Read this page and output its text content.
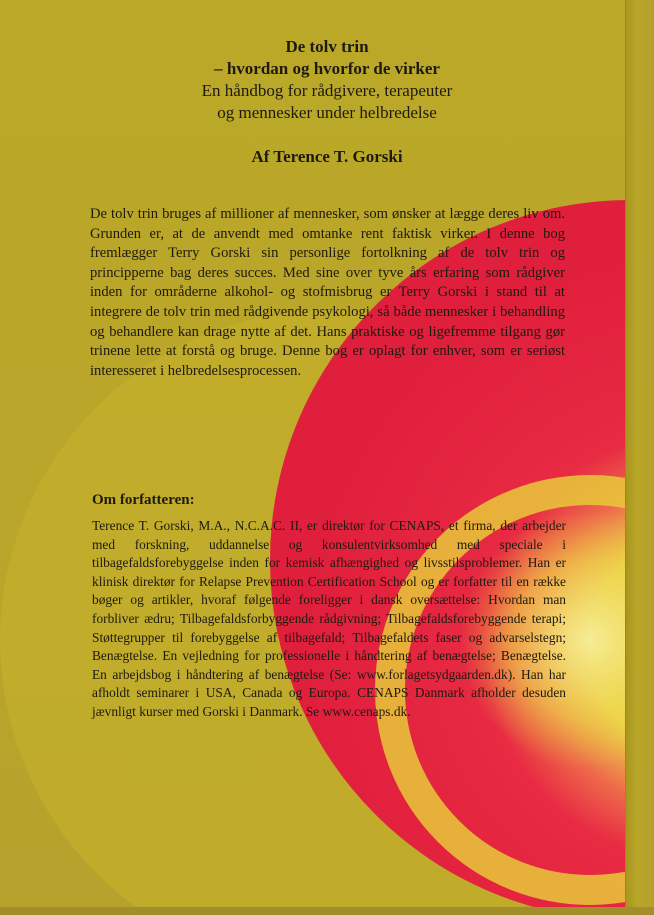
De tolv trin
– hvordan og hvorfor de virker
En håndbog for rådgivere, terapeuter
og mennesker under helbredelse
Af Terence T. Gorski
De tolv trin bruges af millioner af mennesker, som ønsker at lægge deres liv om. Grunden er, at de anvendt med omtanke rent faktisk virker. I denne bog fremlægger Terry Gorski sin personlige fortolkning af de tolv trin og principperne bag deres succes. Med sine over tyve års erfaring som rådgiver inden for områderne alkohol- og stofmisbrug er Terry Gorski i stand til at integrere de tolv trin med rådgivende psykologi, så både mennesker i behandling og behandlere kan drage nytte af det. Hans praktiske og ligefremme tilgang gør trinene lette at forstå og bruge. Denne bog er oplagt for enhver, som er seriøst interesseret i helbredelsesprocessen.
Om forfatteren:
Terence T. Gorski, M.A., N.C.A.C. II, er direktør for CENAPS, et firma, der arbejder med forskning, uddannelse og konsulentvirksomhed med speciale i tilbagefaldsforebyggelse inden for kemisk afhængighed og livsstilsproblemer. Han er klinisk direktør for Relapse Prevention Certification School og er forfatter til en række bøger og artikler, hvoraf følgende foreligger i dansk oversættelse: Hvordan man forbliver ædru; Tilbagefaldsforbyggende rådgivning; Tilbagefaldsforebyggende terapi; Støttegrupper til forebyggelse af tilbagefald; Tilbagefaldets faser og advarselstegn; Benægtelse. En vejledning for professionelle i håndtering af benægtelse; Benægtelse. En arbejdsbog i håndtering af benægtelse (Se: www.forlagetsydgaarden.dk). Han har afholdt seminarer i USA, Canada og Europa. CENAPS Danmark afholder desuden jævnligt kurser med Gorski i Danmark. Se www.cenaps.dk.
